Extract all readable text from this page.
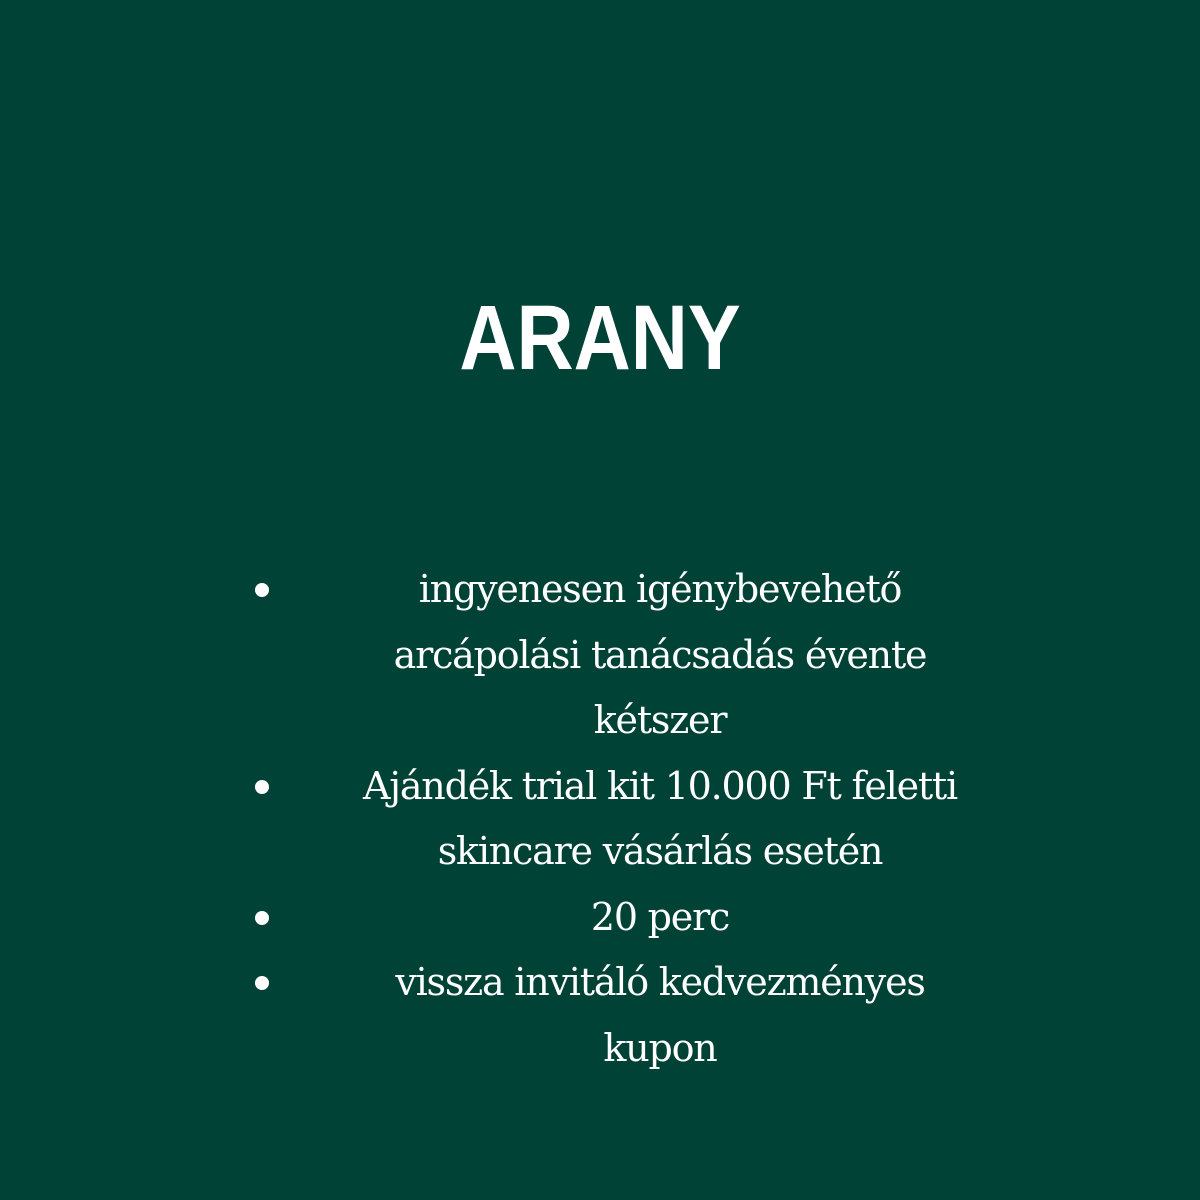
ARANY
ingyenesen igénybevehető
arcápolási tanácsadás évente
kétszer
Ajándék trial kit 10.000 Ft feletti
skincare vásárlás esetén
20 perc
vissza invitáló kedvezményes
kupon
